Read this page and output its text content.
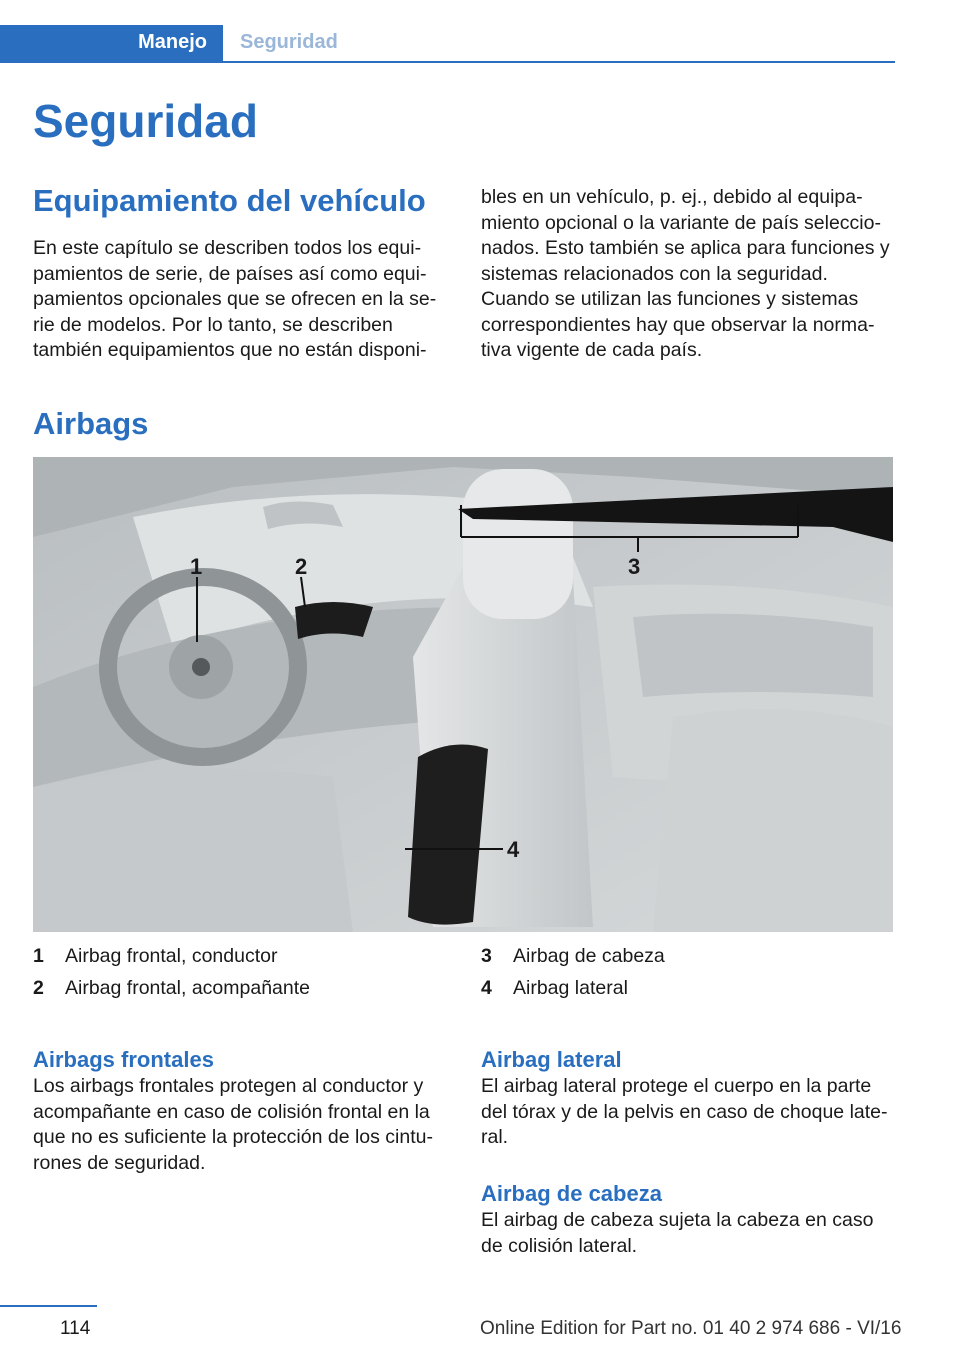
Manejo Seguridad
Seguridad
Equipamiento del vehículo
En este capítulo se describen todos los equi-
pamientos de serie, de países así como equi-
pamientos opcionales que se ofrecen en la se-
rie de modelos. Por lo tanto, se describen
también equipamientos que no están disponi-
bles en un vehículo, p. ej., debido al equipa-
miento opcional o la variante de país seleccio-
nados. Esto también se aplica para funciones y
sistemas relacionados con la seguridad.
Cuando se utilizan las funciones y sistemas
correspondientes hay que observar la norma-
tiva vigente de cada país.
Airbags
1	2	3
4
1 Airbag frontal, conductor
2 Airbag frontal, acompañante
3 Airbag de cabeza
4 Airbag lateral
Airbags frontales
Los airbags frontales protegen al conductor y
acompañante en caso de colisión frontal en la
que no es suficiente la protección de los cintu-
rones de seguridad.
Airbag lateral
El airbag lateral protege el cuerpo en la parte
del tórax y de la pelvis en caso de choque late-
ral.
Airbag de cabeza
El airbag de cabeza sujeta la cabeza en caso
de colisión lateral.
114	Online Edition for Part no. 01 40 2 974 686 - VI/16
